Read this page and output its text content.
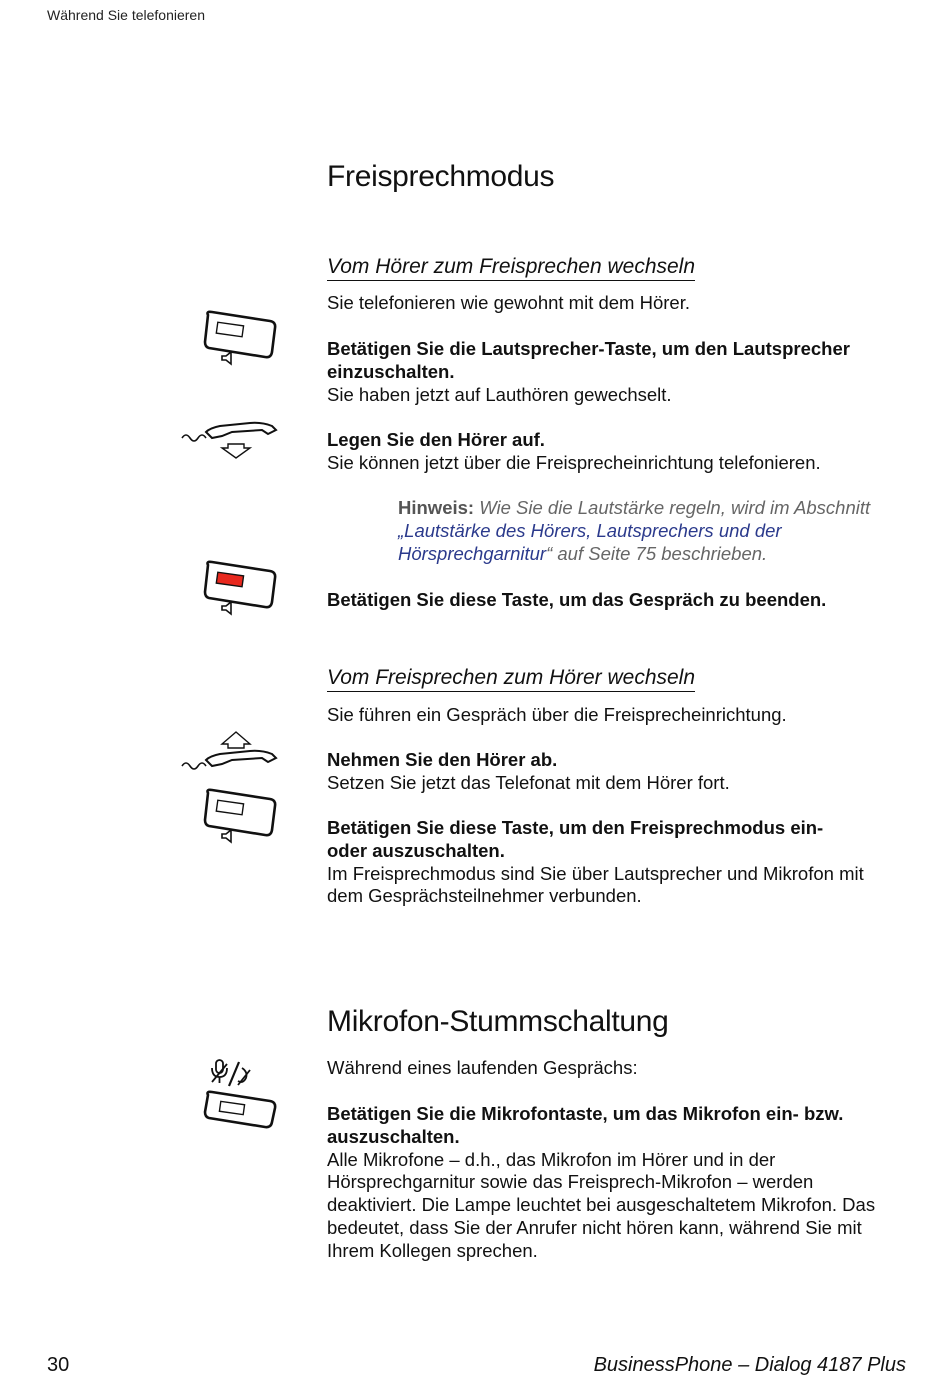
Während Sie telefonieren
Freisprechmodus
Vom Hörer zum Freisprechen wechseln
Sie telefonieren wie gewohnt mit dem Hörer.
Betätigen Sie die Lautsprecher-Taste, um den Lautsprecher
einzuschalten.
Sie haben jetzt auf Lauthören gewechselt.
Legen Sie den Hörer auf.
Sie können jetzt über die Freisprecheinrichtung telefonieren.
Hinweis: Wie Sie die Lautstärke regeln, wird im Abschnitt
„Lautstärke des Hörers, Lautsprechers und der
Hörsprechgarnitur“ auf Seite 75 beschrieben.
Betätigen Sie diese Taste, um das Gespräch zu beenden.
Vom Freisprechen zum Hörer wechseln
Sie führen ein Gespräch über die Freisprecheinrichtung.
Nehmen Sie den Hörer ab.
Setzen Sie jetzt das Telefonat mit dem Hörer fort.
Betätigen Sie diese Taste, um den Freisprechmodus ein-
oder auszuschalten.
Im Freisprechmodus sind Sie über Lautsprecher und Mikrofon mit
dem Gesprächsteilnehmer verbunden.
Mikrofon-Stummschaltung
Während eines laufenden Gesprächs:
Betätigen Sie die Mikrofontaste, um das Mikrofon ein- bzw.
auszuschalten.
Alle Mikrofone – d.h., das Mikrofon im Hörer und in der
Hörsprechgarnitur sowie das Freisprech-Mikrofon – werden
deaktiviert. Die Lampe leuchtet bei ausgeschaltetem Mikrofon. Das
bedeutet, dass Sie der Anrufer nicht hören kann, während Sie mit
Ihrem Kollegen sprechen.
30	BusinessPhone – Dialog 4187 Plus
